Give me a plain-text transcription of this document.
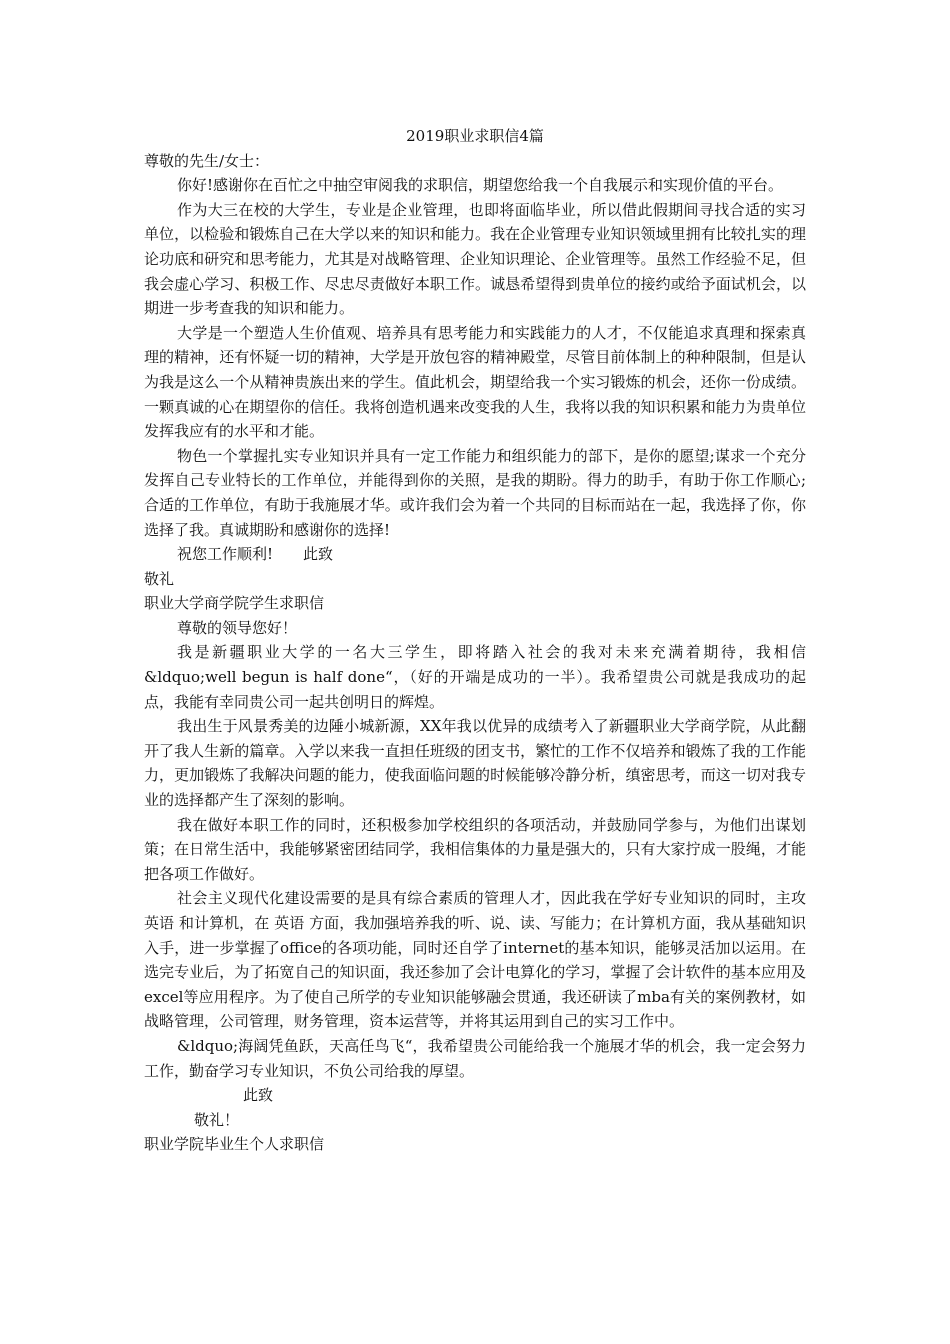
2019职业求职信4篇

尊敬的先生/女士：

你好!感谢你在百忙之中抽空审阅我的求职信，期望您给我一个自我展示和实现价值的平台。

作为大三在校的大学生，专业是企业管理，也即将面临毕业，所以借此假期间寻找合适的实习单位，以检验和锻炼自己在大学以来的知识和能力。我在企业管理专业知识领域里拥有比较扎实的理论功底和研究和思考能力，尤其是对战略管理、企业知识理论、企业管理等。虽然工作经验不足，但我会虚心学习、积极工作、尽忠尽责做好本职工作。诚恳希望得到贵单位的接约或给予面试机会，以期进一步考查我的知识和能力。

大学是一个塑造人生价值观、培养具有思考能力和实践能力的人才，不仅能追求真理和探索真理的精神，还有怀疑一切的精神，大学是开放包容的精神殿堂，尽管目前体制上的种种限制，但是认为我是这么一个从精神贵族出来的学生。值此机会，期望给我一个实习锻炼的机会，还你一份成绩。一颗真诚的心在期望你的信任。我将创造机遇来改变我的人生，我将以我的知识积累和能力为贵单位发挥我应有的水平和才能。

物色一个掌握扎实专业知识并具有一定工作能力和组织能力的部下，是你的愿望;谋求一个充分发挥自己专业特长的工作单位，并能得到你的关照，是我的期盼。得力的助手，有助于你工作顺心;合适的工作单位，有助于我施展才华。或许我们会为着一个共同的目标而站在一起，我选择了你，你选择了我。真诚期盼和感谢你的选择!

祝您工作顺利!　　此致

敬礼

职业大学商学院学生求职信

尊敬的领导您好！

我是新疆职业大学的一名大三学生，即将踏入社会的我对未来充满着期待，我相信&ldquo;well begun is half done“，（好的开端是成功的一半）。我希望贵公司就是我成功的起点，我能有幸同贵公司一起共创明日的辉煌。

我出生于风景秀美的边陲小城新源，XX年我以优异的成绩考入了新疆职业大学商学院，从此翻开了我人生新的篇章。入学以来我一直担任班级的团支书，繁忙的工作不仅培养和锻炼了我的工作能力，更加锻炼了我解决问题的能力，使我面临问题的时候能够冷静分析，缜密思考，而这一切对我专业的选择都产生了深刻的影响。

我在做好本职工作的同时，还积极参加学校组织的各项活动，并鼓励同学参与，为他们出谋划策；在日常生活中，我能够紧密团结同学，我相信集体的力量是强大的，只有大家拧成一股绳，才能把各项工作做好。

社会主义现代化建设需要的是具有综合素质的管理人才，因此我在学好专业知识的同时，主攻 英语 和计算机，在 英语 方面，我加强培养我的听、说、读、写能力；在计算机方面，我从基础知识入手，进一步掌握了office的各项功能，同时还自学了internet的基本知识，能够灵活加以运用。在选完专业后，为了拓宽自己的知识面，我还参加了会计电算化的学习，掌握了会计软件的基本应用及excel等应用程序。为了使自己所学的专业知识能够融会贯通，我还研读了mba有关的案例教材，如战略管理，公司管理，财务管理，资本运营等，并将其运用到自己的实习工作中。

&ldquo;海阔凭鱼跃，天高任鸟飞“，我希望贵公司能给我一个施展才华的机会，我一定会努力工作，勤奋学习专业知识，不负公司给我的厚望。

此致

敬礼！

职业学院毕业生个人求职信
